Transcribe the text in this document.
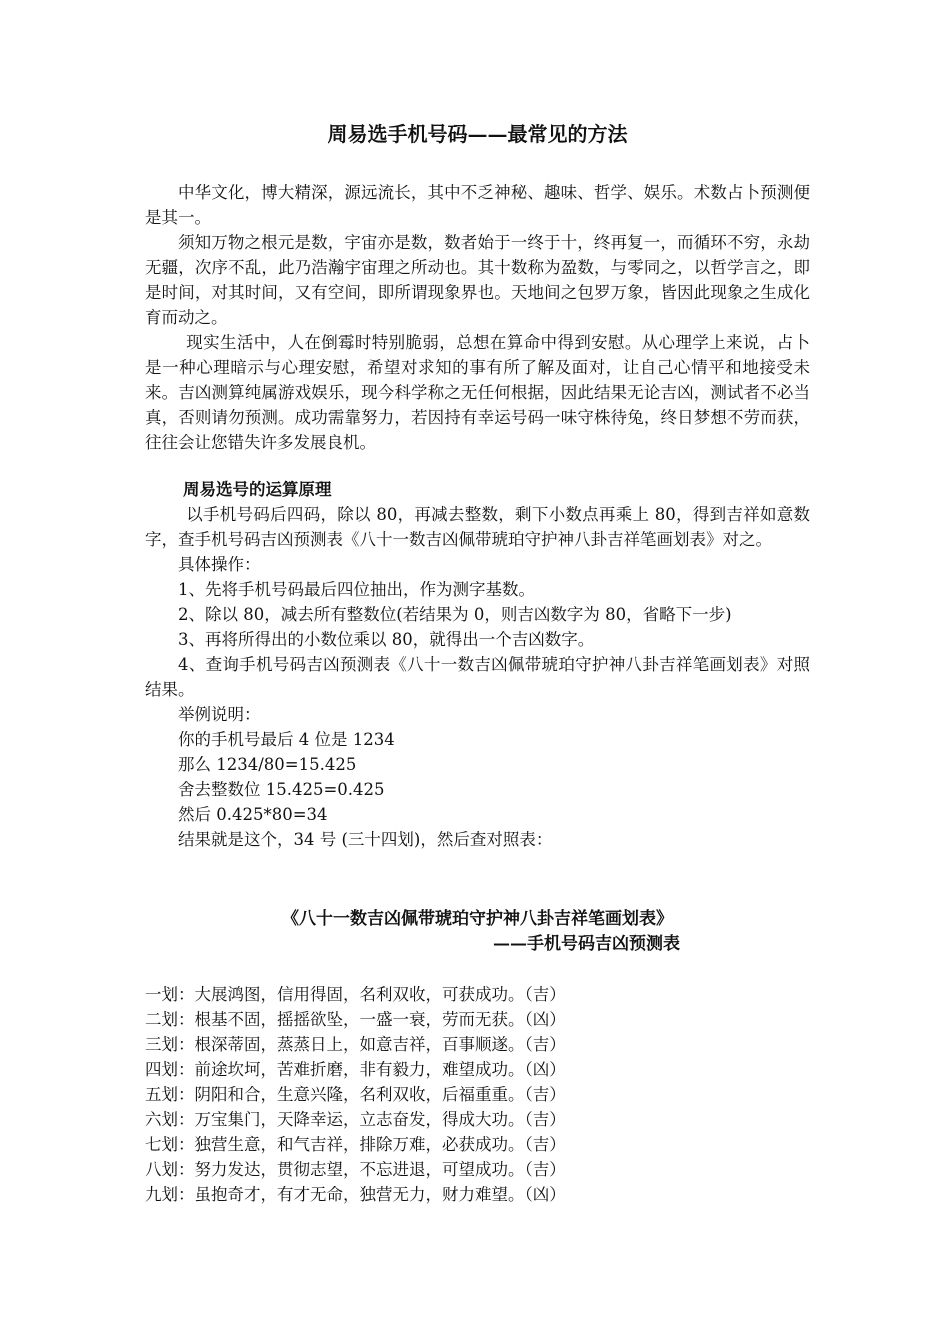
周易选手机号码——最常见的方法

中华文化，博大精深，源远流长，其中不乏神秘、趣味、哲学、娱乐。术数占卜预测便是其一。

须知万物之根元是数，宇宙亦是数，数者始于一终于十，终再复一，而循环不穷，永劫无疆，次序不乱，此乃浩瀚宇宙理之所动也。其十数称为盈数，与零同之，以哲学言之，即是时间，对其时间，又有空间，即所谓现象界也。天地间之包罗万象，皆因此现象之生成化育而动之。

现实生活中，人在倒霉时特别脆弱，总想在算命中得到安慰。从心理学上来说，占卜是一种心理暗示与心理安慰，希望对求知的事有所了解及面对，让自己心情平和地接受未来。吉凶测算纯属游戏娱乐，现今科学称之无任何根据，因此结果无论吉凶，测试者不必当真，否则请勿预测。成功需靠努力，若因持有幸运号码一味守株待兔，终日梦想不劳而获，往往会让您错失许多发展良机。

周易选号的运算原理

以手机号码后四码，除以 80，再减去整数，剩下小数点再乘上 80，得到吉祥如意数字，查手机号码吉凶预测表《八十一数吉凶佩带琥珀守护神八卦吉祥笔画划表》对之。

具体操作：
1、先将手机号码最后四位抽出，作为测字基数。
2、除以 80，减去所有整数位(若结果为 0，则吉凶数字为 80，省略下一步)
3、再将所得出的小数位乘以 80，就得出一个吉凶数字。

4、查询手机号码吉凶预测表《八十一数吉凶佩带琥珀守护神八卦吉祥笔画划表》对照结果。

举例说明：
你的手机号最后 4 位是 1234
那么 1234/80=15.425
舍去整数位 15.425=0.425
然后 0.425*80=34
结果就是这个，34 号 (三十四划)，然后查对照表：
《八十一数吉凶佩带琥珀守护神八卦吉祥笔画划表》
——手机号码吉凶预测表
一划：大展鸿图，信用得固，名利双收，可获成功。（吉）
二划：根基不固，摇摇欲坠，一盛一衰，劳而无获。（凶）
三划：根深蒂固，蒸蒸日上，如意吉祥，百事顺遂。（吉）
四划：前途坎坷，苦难折磨，非有毅力，难望成功。（凶）
五划：阴阳和合，生意兴隆，名利双收，后福重重。（吉）
六划：万宝集门，天降幸运，立志奋发，得成大功。（吉）
七划：独营生意，和气吉祥，排除万难，必获成功。（吉）
八划：努力发达，贯彻志望，不忘进退，可望成功。（吉）
九划：虽抱奇才，有才无命，独营无力，财力难望。（凶）
